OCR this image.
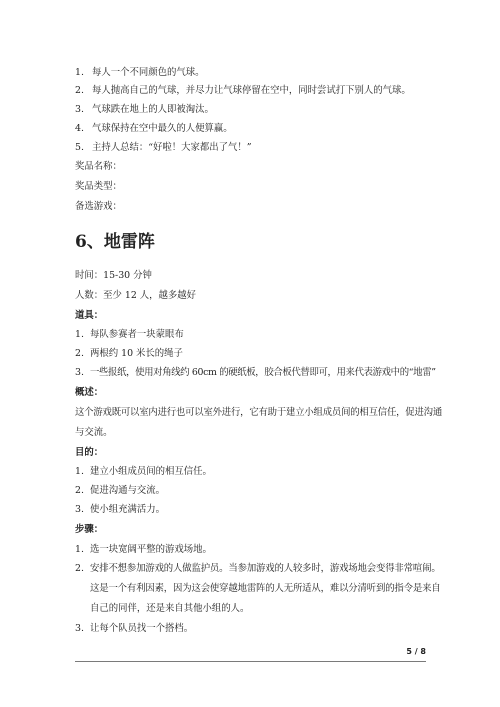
1. 每人一个不同颜色的气球。
2. 每人抛高自己的气球，并尽力让气球停留在空中，同时尝试打下别人的气球。
3. 气球跌在地上的人即被淘汰。
4. 气球保持在空中最久的人便算赢。
5. 主持人总结：“好啦！大家都出了气！”
奖品名称：
奖品类型：
备选游戏：
6、地雷阵
时间：15-30 分钟
人数：至少 12 人，越多越好
道具：
1. 每队参赛者一块蒙眼布
2. 两根约 10 米长的绳子
3. 一些报纸，使用对角线约 60cm 的硬纸板，胶合板代替即可，用来代表游戏中的“地雷”
概述：
这个游戏既可以室内进行也可以室外进行，它有助于建立小组成员间的相互信任，促进沟通
与交流。
目的：
1. 建立小组成员间的相互信任。
2. 促进沟通与交流。
3. 使小组充满活力。
步骤：
1. 选一块宽阔平整的游戏场地。
2. 安排不想参加游戏的人做监护员。当参加游戏的人较多时，游戏场地会变得非常喧闹。
这是一个有利因素，因为这会使穿越地雷阵的人无所适从，难以分清听到的指令是来自
自己的同伴，还是来自其他小组的人。
3. 让每个队员找一个搭档。
5 / 8
